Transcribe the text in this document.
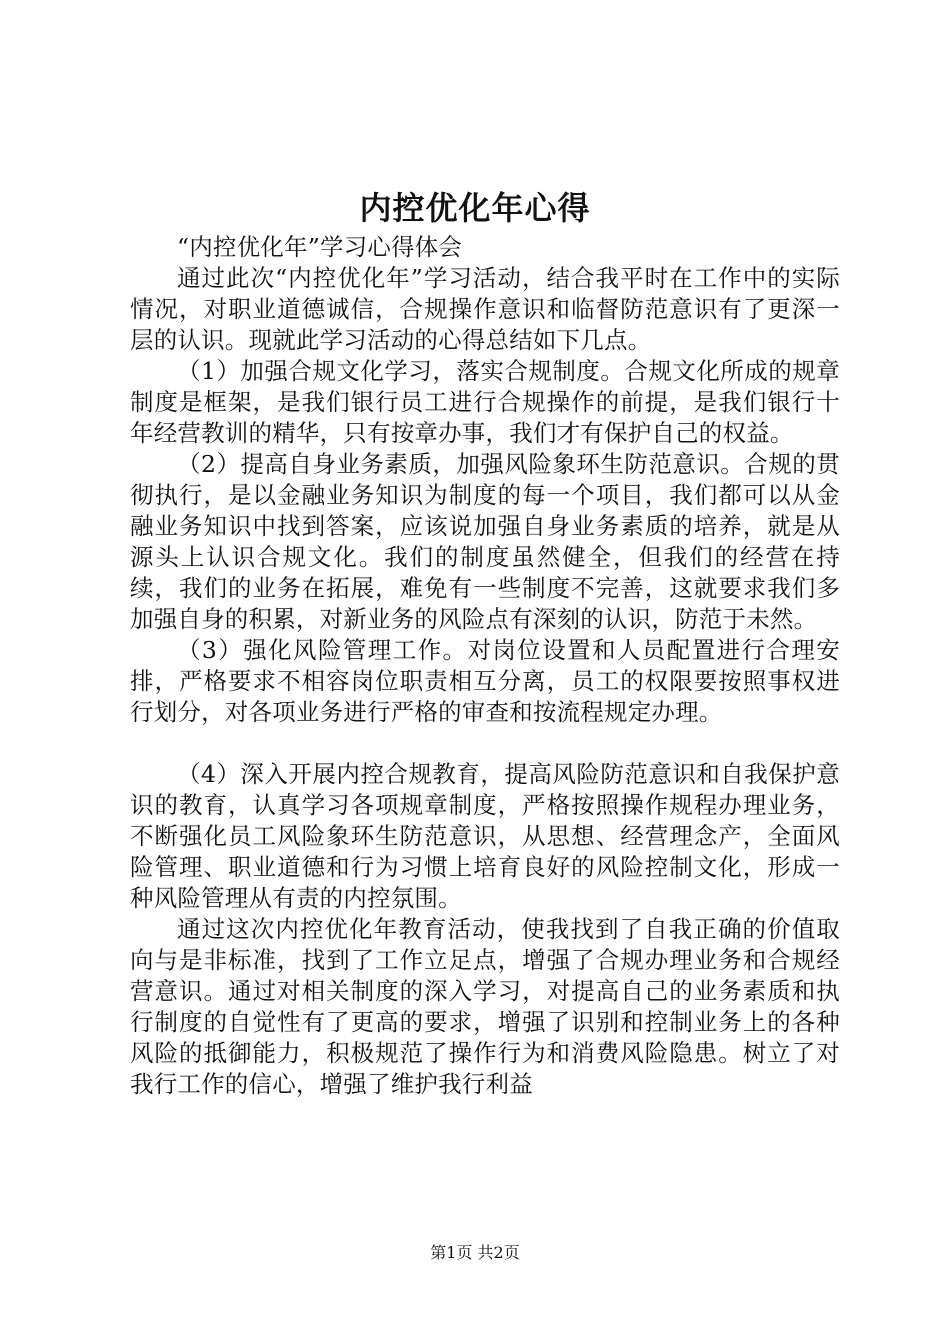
内控优化年心得

“内控优化年”学习心得体会

通过此次“内控优化年”学习活动，结合我平时在工作中的实际情况，对职业道德诚信，合规操作意识和临督防范意识有了更深一层的认识。现就此学习活动的心得总结如下几点。

（1）加强合规文化学习，落实合规制度。合规文化所成的规章制度是框架，是我们银行员工进行合规操作的前提，是我们银行十年经营教训的精华，只有按章办事，我们才有保护自己的权益。

（2）提高自身业务素质，加强风险象环生防范意识。合规的贯彻执行，是以金融业务知识为制度的每一个项目，我们都可以从金融业务知识中找到答案，应该说加强自身业务素质的培养，就是从源头上认识合规文化。我们的制度虽然健全，但我们的经营在持续，我们的业务在拓展，难免有一些制度不完善，这就要求我们多加强自身的积累，对新业务的风险点有深刻的认识，防范于未然。

（3）强化风险管理工作。对岗位设置和人员配置进行合理安排，严格要求不相容岗位职责相互分离，员工的权限要按照事权进行划分，对各项业务进行严格的审查和按流程规定办理。

（4）深入开展内控合规教育，提高风险防范意识和自我保护意识的教育，认真学习各项规章制度，严格按照操作规程办理业务，不断强化员工风险象环生防范意识，从思想、经营理念产，全面风险管理、职业道德和行为习惯上培育良好的风险控制文化，形成一种风险管理从有责的内控氛围。

通过这次内控优化年教育活动，使我找到了自我正确的价值取向与是非标准，找到了工作立足点，增强了合规办理业务和合规经营意识。通过对相关制度的深入学习，对提高自己的业务素质和执行制度的自觉性有了更高的要求，增强了识别和控制业务上的各种风险的抵御能力，积极规范了操作行为和消费风险隐患。树立了对我行工作的信心，增强了维护我行利益

第1页 共2页
